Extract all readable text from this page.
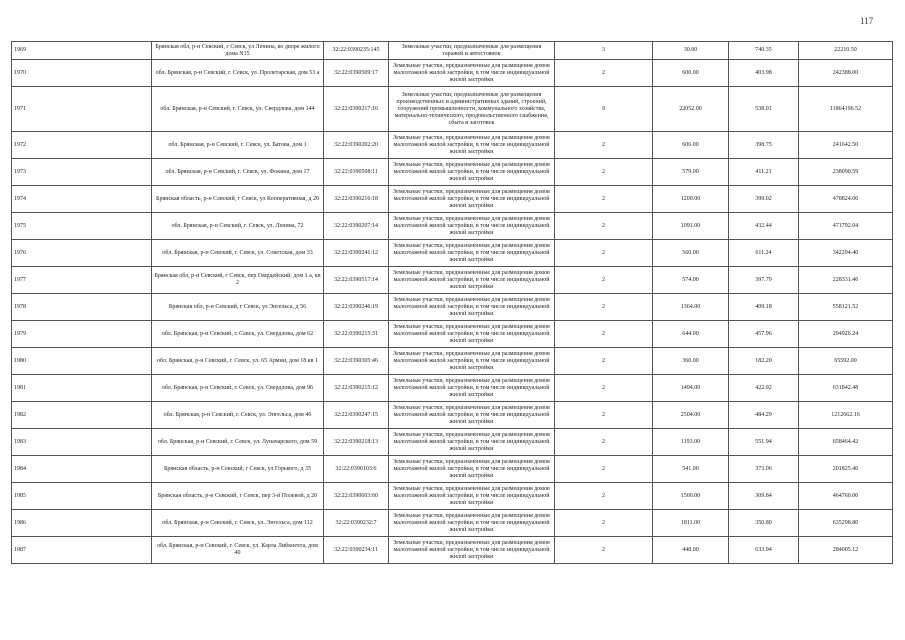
117
1969	Брянская обл, р-н Севский, г Севск, ул Ленина, во дворе жилого дома N15	32:22:0390235:145	Земельные участки, предназначенные для размещения гаражей и автостоянок	3	30.00	740.35	22210.50
1970	обл. Брянская, р-н Севский, г. Севск, ул. Пролетарская, дом 53 а	32:22:0390509:17	Земельные участки, предназначенные для размещения домов малоэтажной жилой застройки, в том числе индивидуальной жилой застройки	2	600.00	403.98	242388.00
1971	обл. Брянская, р-н Севский, г. Севск, ул. Свердлова, дом 144	32:22:0390217:16	Земельные участки, предназначенные для размещения производственных и административных зданий, строений, сооружений промышленности, коммунального хозяйства, материально-технического, продовольственного снабжения, сбыта и заготовок	9	22052.00	538.01	11864196.52
1972	обл. Брянская, р-н Севский, г. Севск, ул. Батова, дом 1	32:22:0390202:20	Земельные участки, предназначенные для размещения домов малоэтажной жилой застройки, в том числе индивидуальной жилой застройки	2	606.00	398.75	241642.50
1973	обл. Брянская, р-н Севский, г. Севск, ул. Фокина, дом 17	32:22:0390508:11	Земельные участки, предназначенные для размещения домов малоэтажной жилой застройки, в том числе индивидуальной жилой застройки	2	579.00	411.21	238090.59
1974	Брянская область, р-н Севский, г Севск, ул Кооперативная, д 20	32:22:0390216:18	Земельные участки, предназначенные для размещения домов малоэтажной жилой застройки, в том числе индивидуальной жилой застройки	2	1200.00	399.02	478824.00
1975	обл. Брянская, р-н Севский, г. Севск, ул. Ленина, 72	32:22:0390207:14	Земельные участки, предназначенные для размещения домов малоэтажной жилой застройки, в том числе индивидуальной жилой застройки	2	1091.00	432.44	471792.04
1976	обл. Брянская, р-н Севский, г. Севск, ул. Советская, дом 33	32:22:0390241:12	Земельные участки, предназначенные для размещения домов малоэтажной жилой застройки, в том числе индивидуальной жилой застройки	2	560.00	611.24	342294.40
1977	Брянская обл, р-н Севский, г Севск, пер Гвардейский, дом 1 а, кв 2	32:22:0390517:14	Земельные участки, предназначенные для размещения домов малоэтажной жилой застройки, в том числе индивидуальной жилой застройки	2	574.00	397.79	228331.46
1978	Брянская обл, р-н Севский, г Севск, ул Энгельса, д 56	32:22:0390246:19	Земельные участки, предназначенные для размещения домов малоэтажной жилой застройки, в том числе индивидуальной жилой застройки	2	1364.00	409.18	558121.52
1979	обл. Брянская, р-н Севский, г. Севск, ул. Свердлова, дом 62	32:22:0390215:31	Земельные участки, предназначенные для размещения домов малоэтажной жилой застройки, в том числе индивидуальной жилой застройки	2	644.00	457.96	294926.24
1980	обл. Брянская, р-н Севский, г. Севск, ул. 65 Армии, дом 18 кв 1	32:22:0390305:46	Земельные участки, предназначенные для размещения домов малоэтажной жилой застройки, в том числе индивидуальной жилой застройки	2	360.00	182.20	65592.00
1981	обл. Брянская, р-н Севский, г. Севск, ул. Свердлова, дом 96	32:22:0390215:12	Земельные участки, предназначенные для размещения домов малоэтажной жилой застройки, в том числе индивидуальной жилой застройки	2	1494.00	422.92	631842.48
1982	обл. Брянская, р-н Севский, г. Севск, ул. Энгельса, дом 46	32:22:0390247:15	Земельные участки, предназначенные для размещения домов малоэтажной жилой застройки, в том числе индивидуальной жилой застройки	2	2504.00	484.29	1212662.16
1983	обл. Брянская, р-н Севский, г. Севск, ул. Луначарского, дом 59	32:22:0390218:13	Земельные участки, предназначенные для размещения домов малоэтажной жилой застройки, в том числе индивидуальной жилой застройки	2	1193.00	551.94	658464.42
1984	Брянская область, р-н Севский, г Севск, ул Горького, д 35	32:22:0390103:6	Земельные участки, предназначенные для размещения домов малоэтажной жилой застройки, в том числе индивидуальной жилой застройки	2	541.00	373.06	201825.46
1985	Брянская область, р-н Севский, г Севск, пер 3-й Полевой, д 20	32:22:0390603:60	Земельные участки, предназначенные для размещения домов малоэтажной жилой застройки, в том числе индивидуальной жилой застройки	2	1500.00	309.84	464760.00
1986	обл. Брянская, р-н Севский, г. Севск, ул. Энгельса, дом 112	32:22:0390232:7	Земельные участки, предназначенные для размещения домов малоэтажной жилой застройки, в том числе индивидуальной жилой застройки	2	1811.00	350.80	635298.80
1987	обл. Брянская, р-н Севский, г. Севск, ул. Карла Либкнехта, дом 40	32:22:0390234:11	Земельные участки, предназначенные для размещения домов малоэтажной жилой застройки, в том числе индивидуальной жилой застройки	2	448.00	633.94	284005.12
